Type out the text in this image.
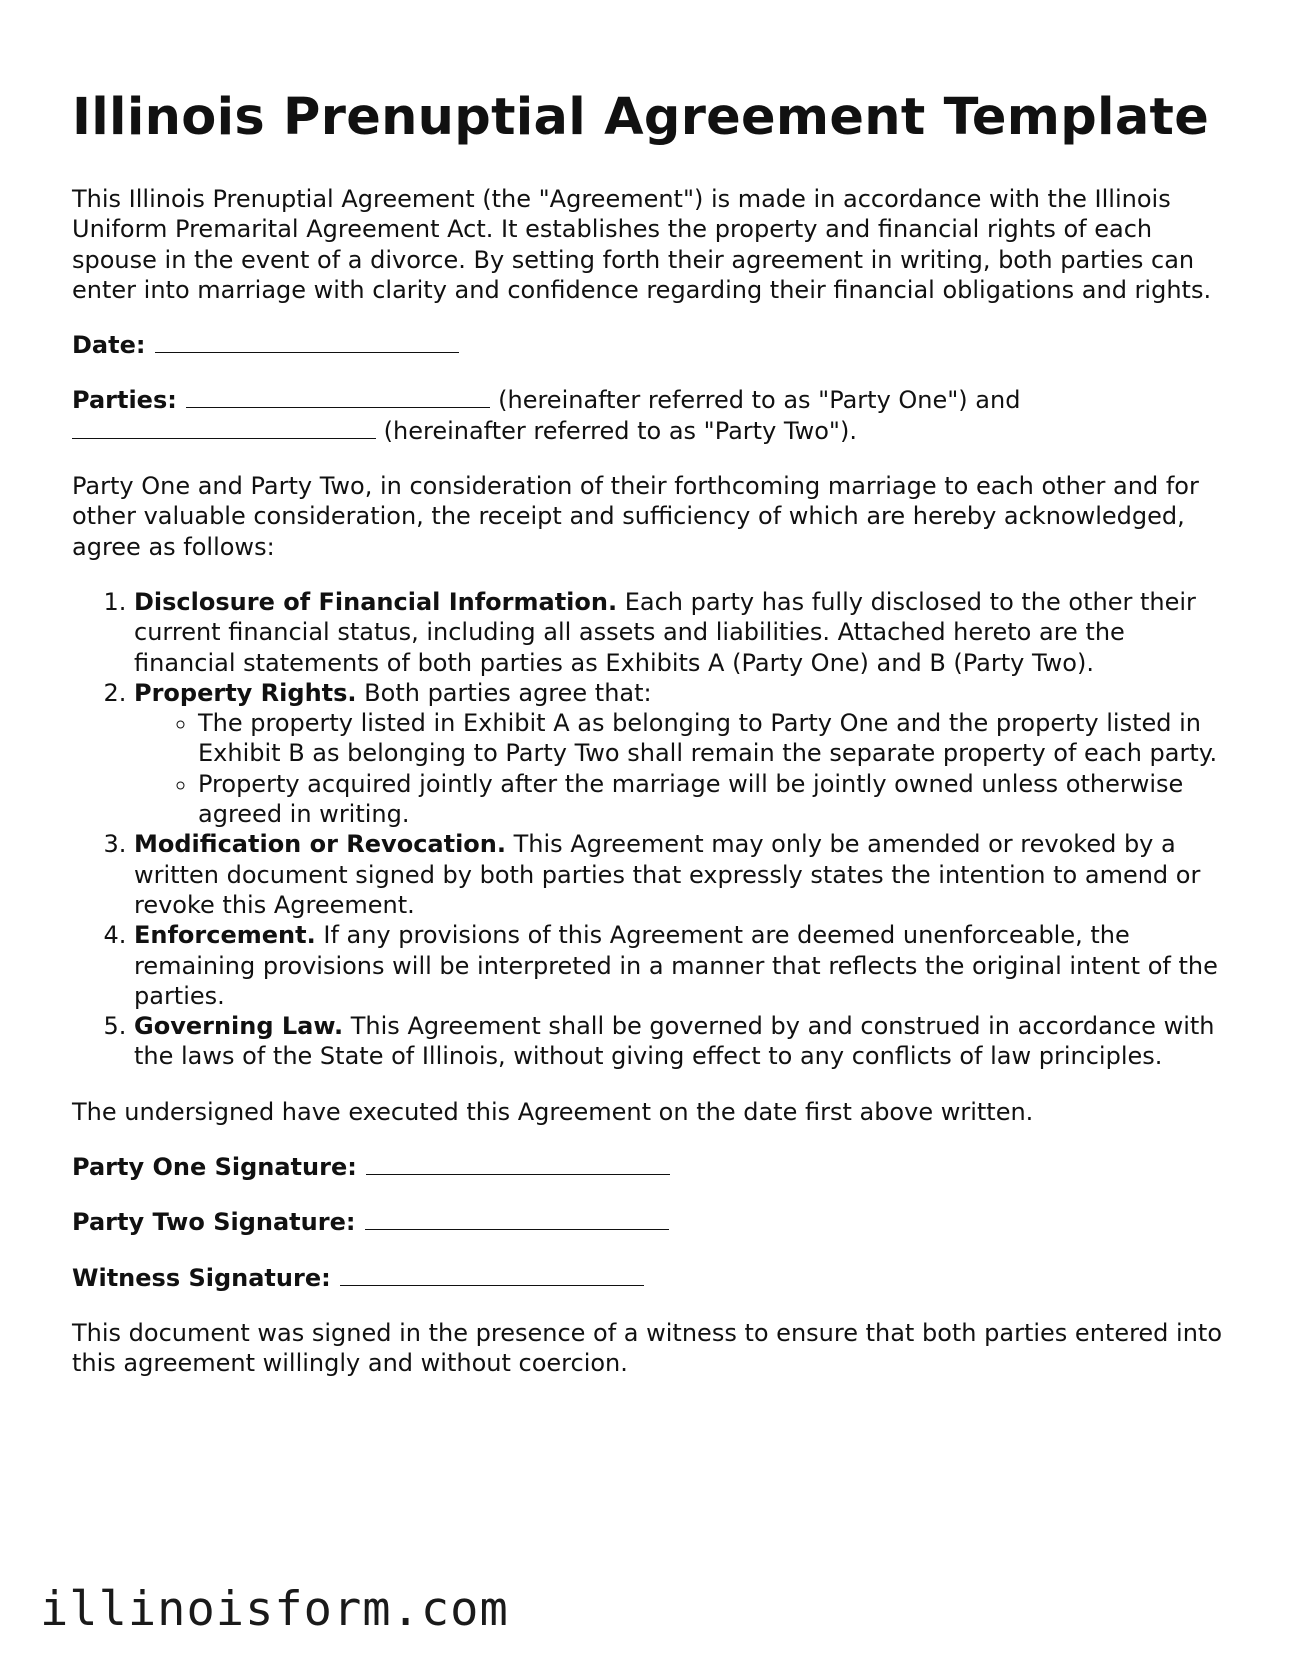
Illinois Prenuptial Agreement Template

This Illinois Prenuptial Agreement (the "Agreement") is made in accordance with the Illinois Uniform Premarital Agreement Act. It establishes the property and financial rights of each spouse in the event of a divorce. By setting forth their agreement in writing, both parties can enter into marriage with clarity and confidence regarding their financial obligations and rights.

Date:

Parties:	(hereinafter referred to as "Party One") and  (hereinafter referred to as "Party Two").

Party One and Party Two, in consideration of their forthcoming marriage to each other and for other valuable consideration, the receipt and sufficiency of which are hereby acknowledged, agree as follows:

1. Disclosure of Financial Information. Each party has fully disclosed to the other their current financial status, including all assets and liabilities. Attached hereto are the financial statements of both parties as Exhibits A (Party One) and B (Party Two).
2. Property Rights. Both parties agree that:
◦ The property listed in Exhibit A as belonging to Party One and the property listed in Exhibit B as belonging to Party Two shall remain the separate property of each party.
◦ Property acquired jointly after the marriage will be jointly owned unless otherwise agreed in writing.
3. Modification or Revocation. This Agreement may only be amended or revoked by a written document signed by both parties that expressly states the intention to amend or revoke this Agreement.
4. Enforcement. If any provisions of this Agreement are deemed unenforceable, the remaining provisions will be interpreted in a manner that reflects the original intent of the parties.
5. Governing Law. This Agreement shall be governed by and construed in accordance with the laws of the State of Illinois, without giving effect to any conflicts of law principles.

The undersigned have executed this Agreement on the date first above written.

Party One Signature:

Party Two Signature:

Witness Signature:

This document was signed in the presence of a witness to ensure that both parties entered into this agreement willingly and without coercion.

illinoisform.com
